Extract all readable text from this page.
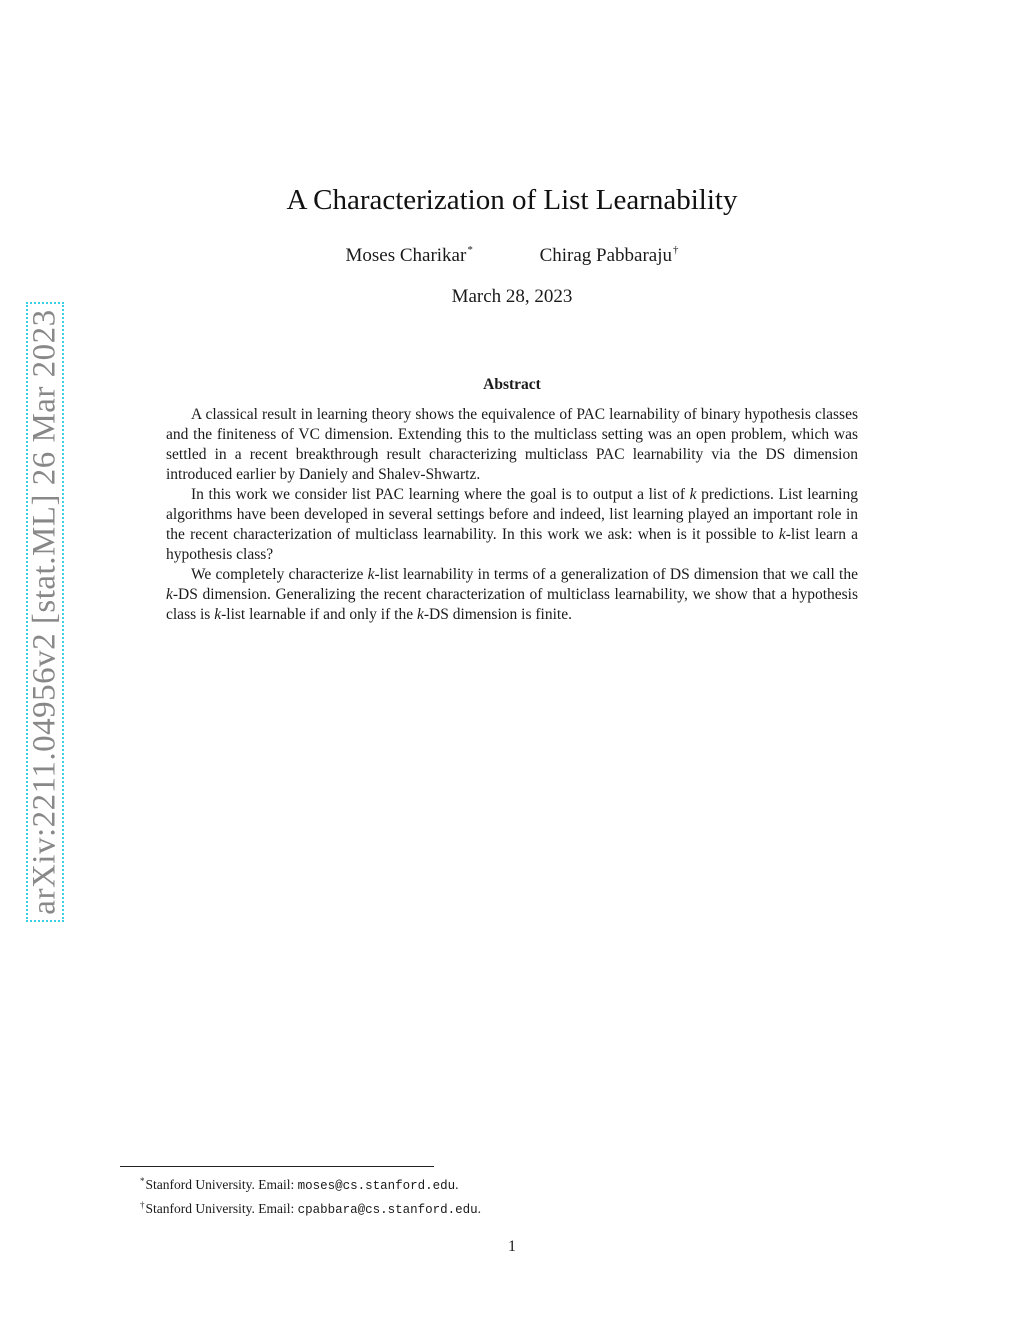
arXiv:2211.04956v2 [stat.ML] 26 Mar 2023
A Characterization of List Learnability
Moses Charikar*	Chirag Pabbaraju†
March 28, 2023
Abstract

A classical result in learning theory shows the equivalence of PAC learnability of binary hypothesis classes and the finiteness of VC dimension. Extending this to the multiclass setting was an open problem, which was settled in a recent breakthrough result characterizing multiclass PAC learnability via the DS dimension introduced earlier by Daniely and Shalev-Shwartz.

In this work we consider list PAC learning where the goal is to output a list of k predictions. List learning algorithms have been developed in several settings before and indeed, list learning played an important role in the recent characterization of multiclass learnability. In this work we ask: when is it possible to k-list learn a hypothesis class?

We completely characterize k-list learnability in terms of a generalization of DS dimension that we call the k-DS dimension. Generalizing the recent characterization of multiclass learnability, we show that a hypothesis class is k-list learnable if and only if the k-DS dimension is finite.

*Stanford University. Email: moses@cs.stanford.edu.
†Stanford University. Email: cpabbara@cs.stanford.edu.
1
